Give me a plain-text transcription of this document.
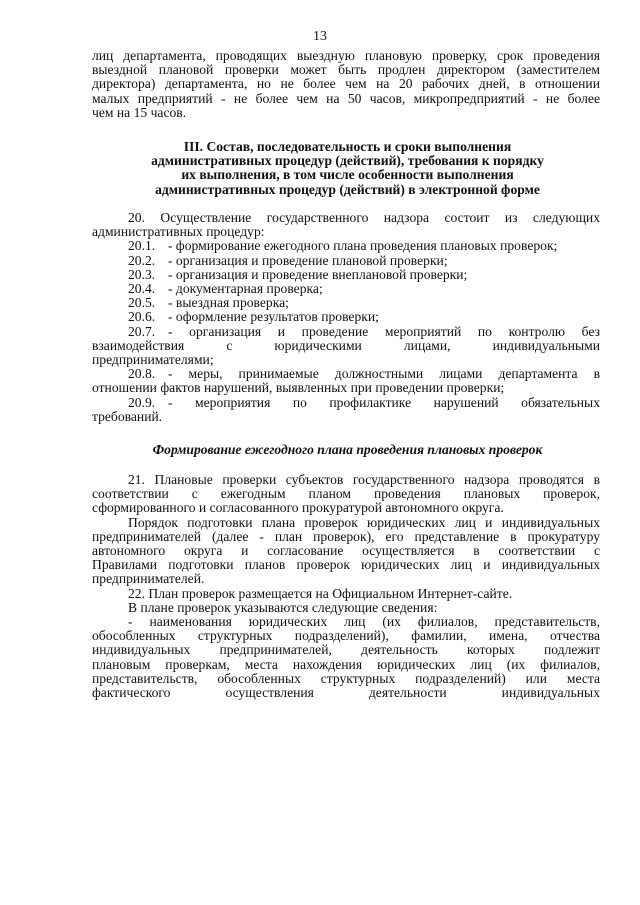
13
лиц департамента, проводящих выездную плановую проверку, срок проведения
выездной плановой проверки может быть продлен директором (заместителем
директора) департамента, но не более чем на 20 рабочих дней, в отношении
малых предприятий - не более чем на 50 часов, микропредприятий - не более
чем на 15 часов.
III. Состав, последовательность и сроки выполнения
административных процедур (действий), требования к порядку
их выполнения, в том числе особенности выполнения
административных процедур (действий) в электронной форме
20. Осуществление государственного надзора состоит из следующих
административных процедур:
20.1. - формирование ежегодного плана проведения плановых проверок;
20.2. - организация и проведение плановой проверки;
20.3. - организация и проведение внеплановой проверки;
20.4. - документарная проверка;
20.5. - выездная проверка;
20.6. - оформление результатов проверки;
20.7. - организация и проведение мероприятий по контролю без
взаимодействия с юридическими лицами, индивидуальными
предпринимателями;
20.8. - меры, принимаемые должностными лицами департамента в
отношении фактов нарушений, выявленных при проведении проверки;
20.9. - мероприятия по профилактике нарушений обязательных
требований.
Формирование ежегодного плана проведения плановых проверок
21. Плановые проверки субъектов государственного надзора проводятся в
соответствии с ежегодным планом проведения плановых проверок,
сформированного и согласованного прокуратурой автономного округа.
Порядок подготовки плана проверок юридических лиц и индивидуальных
предпринимателей (далее - план проверок), его представление в прокуратуру
автономного округа и согласование осуществляется в соответствии с
Правилами подготовки планов проверок юридических лиц и индивидуальных
предпринимателей.
22. План проверок размещается на Официальном Интернет-сайте.
В плане проверок указываются следующие сведения:
- наименования юридических лиц (их филиалов, представительств,
обособленных структурных подразделений), фамилии, имена, отчества
индивидуальных предпринимателей, деятельность которых подлежит
плановым проверкам, места нахождения юридических лиц (их филиалов,
представительств, обособленных структурных подразделений) или места
фактического осуществления деятельности индивидуальных
